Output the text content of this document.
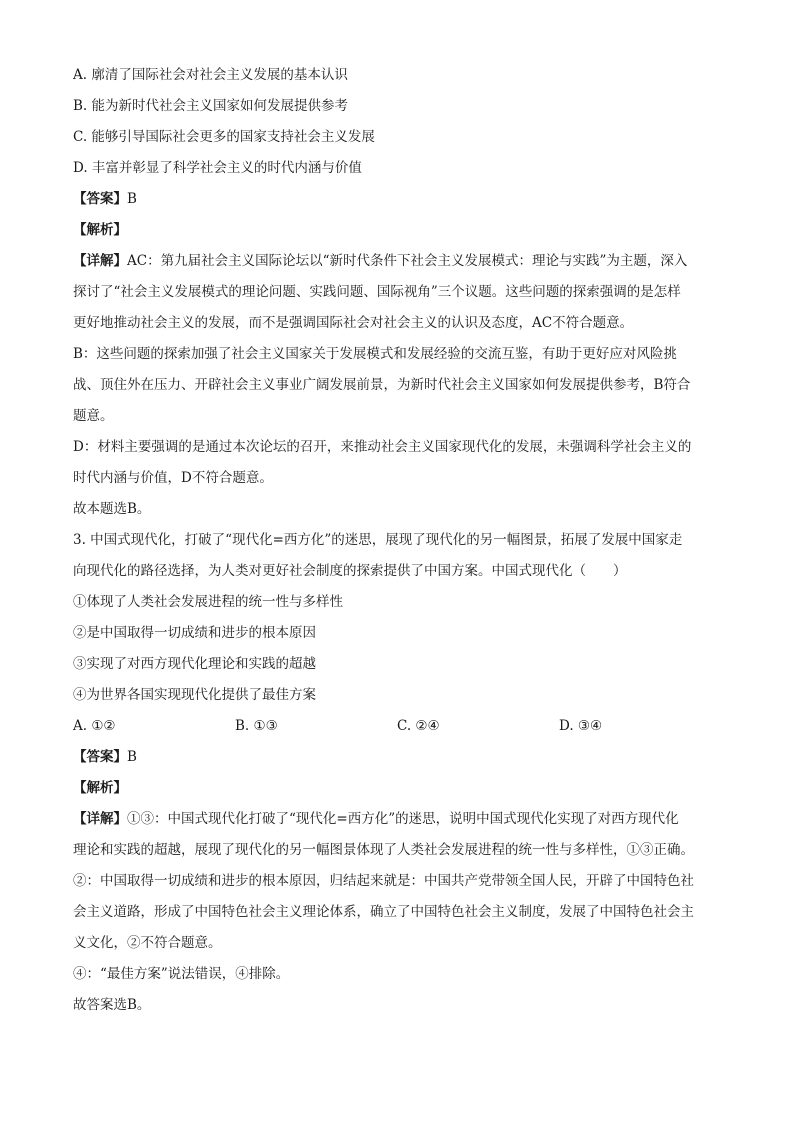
A. 廓清了国际社会对社会主义发展的基本认识
B. 能为新时代社会主义国家如何发展提供参考
C. 能够引导国际社会更多的国家支持社会主义发展
D. 丰富并彰显了科学社会主义的时代内涵与价值
【答案】B
【解析】
【详解】AC：第九届社会主义国际论坛以“新时代条件下社会主义发展模式：理论与实践”为主题，深入
探讨了“社会主义发展模式的理论问题、实践问题、国际视角”三个议题。这些问题的探索强调的是怎样
更好地推动社会主义的发展，而不是强调国际社会对社会主义的认识及态度，AC不符合题意。
B：这些问题的探索加强了社会主义国家关于发展模式和发展经验的交流互鉴，有助于更好应对风险挑
战、顶住外在压力、开辟社会主义事业广阔发展前景，为新时代社会主义国家如何发展提供参考，B符合
题意。
D：材料主要强调的是通过本次论坛的召开，来推动社会主义国家现代化的发展，未强调科学社会主义的
时代内涵与价值，D不符合题意。
故本题选B。
3. 中国式现代化，打破了“现代化=西方化”的迷思，展现了现代化的另一幅图景，拓展了发展中国家走
向现代化的路径选择，为人类对更好社会制度的探索提供了中国方案。中国式现代化（　　）
①体现了人类社会发展进程的统一性与多样性
②是中国取得一切成绩和进步的根本原因
③实现了对西方现代化理论和实践的超越
④为世界各国实现现代化提供了最佳方案
A. ①②	B. ①③	C. ②④	D. ③④
【答案】B
【解析】
【详解】①③：中国式现代化打破了“现代化=西方化”的迷思，说明中国式现代化实现了对西方现代化
理论和实践的超越，展现了现代化的另一幅图景体现了人类社会发展进程的统一性与多样性，①③正确。
②：中国取得一切成绩和进步的根本原因，归结起来就是：中国共产党带领全国人民，开辟了中国特色社
会主义道路，形成了中国特色社会主义理论体系，确立了中国特色社会主义制度，发展了中国特色社会主
义文化，②不符合题意。
④：“最佳方案”说法错误，④排除。
故答案选B。
